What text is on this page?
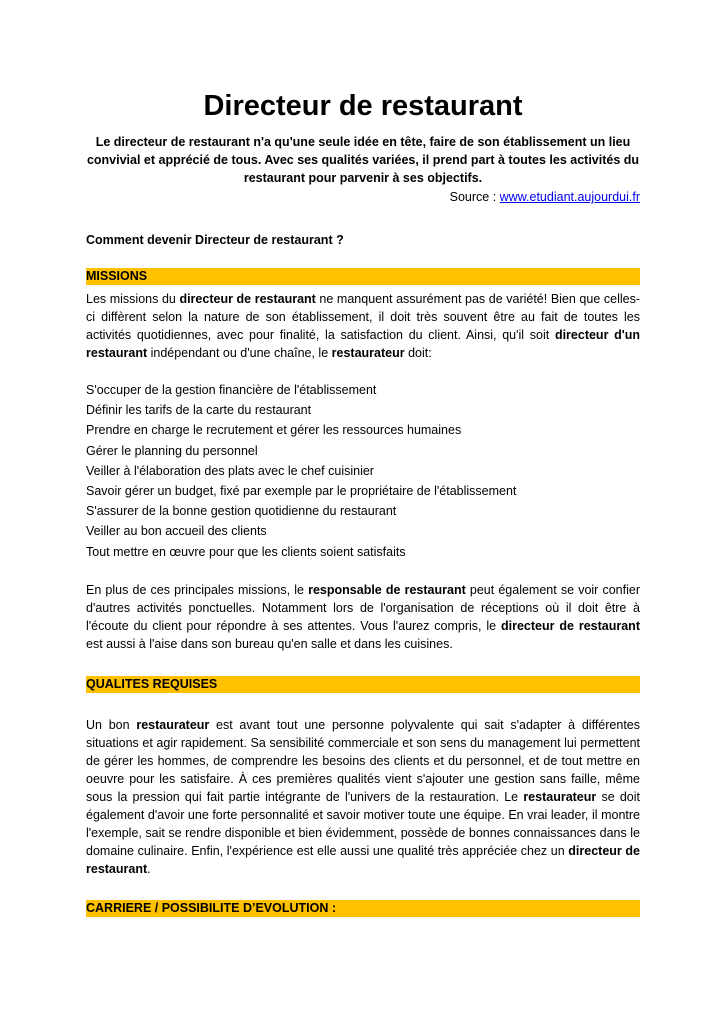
Directeur de restaurant

Le directeur de restaurant n'a qu'une seule idée en tête, faire de son établissement un lieu convivial et apprécié de tous. Avec ses qualités variées, il prend part à toutes les activités du restaurant pour parvenir à ses objectifs.

Source : www.etudiant.aujourdui.fr

Comment devenir Directeur de restaurant ?

MISSIONS

Les missions du directeur de restaurant ne manquent assurément pas de variété! Bien que celles-ci diffèrent selon la nature de son établissement, il doit très souvent être au fait de toutes les activités quotidiennes, avec pour finalité, la satisfaction du client. Ainsi, qu'il soit directeur d'un restaurant indépendant ou d'une chaîne, le restaurateur doit:

S'occuper de la gestion financière de l'établissement
Définir les tarifs de la carte du restaurant
Prendre en charge le recrutement et gérer les ressources humaines
Gérer le planning du personnel
Veiller à l'élaboration des plats avec le chef cuisinier
Savoir gérer un budget, fixé par exemple par le propriétaire de l'établissement
S'assurer de la bonne gestion quotidienne du restaurant
Veiller au bon accueil des clients
Tout mettre en œuvre pour que les clients soient satisfaits

En plus de ces principales missions, le responsable de restaurant peut également se voir confier d'autres activités ponctuelles. Notamment lors de l'organisation de réceptions où il doit être à l'écoute du client pour répondre à ses attentes. Vous l'aurez compris, le directeur de restaurant est aussi à l'aise dans son bureau qu'en salle et dans les cuisines.

QUALITES REQUISES

Un bon restaurateur est avant tout une personne polyvalente qui sait s'adapter à différentes situations et agir rapidement. Sa sensibilité commerciale et son sens du management lui permettent de gérer les hommes, de comprendre les besoins des clients et du personnel, et de tout mettre en oeuvre pour les satisfaire. À ces premières qualités vient s'ajouter une gestion sans faille, même sous la pression qui fait partie intégrante de l'univers de la restauration. Le restaurateur se doit également d'avoir une forte personnalité et savoir motiver toute une équipe. En vrai leader, il montre l'exemple, sait se rendre disponible et bien évidemment, possède de bonnes connaissances dans le domaine culinaire. Enfin, l'expérience est elle aussi une qualité très appréciée chez un directeur de restaurant.

CARRIERE / POSSIBILITE D’EVOLUTION :
